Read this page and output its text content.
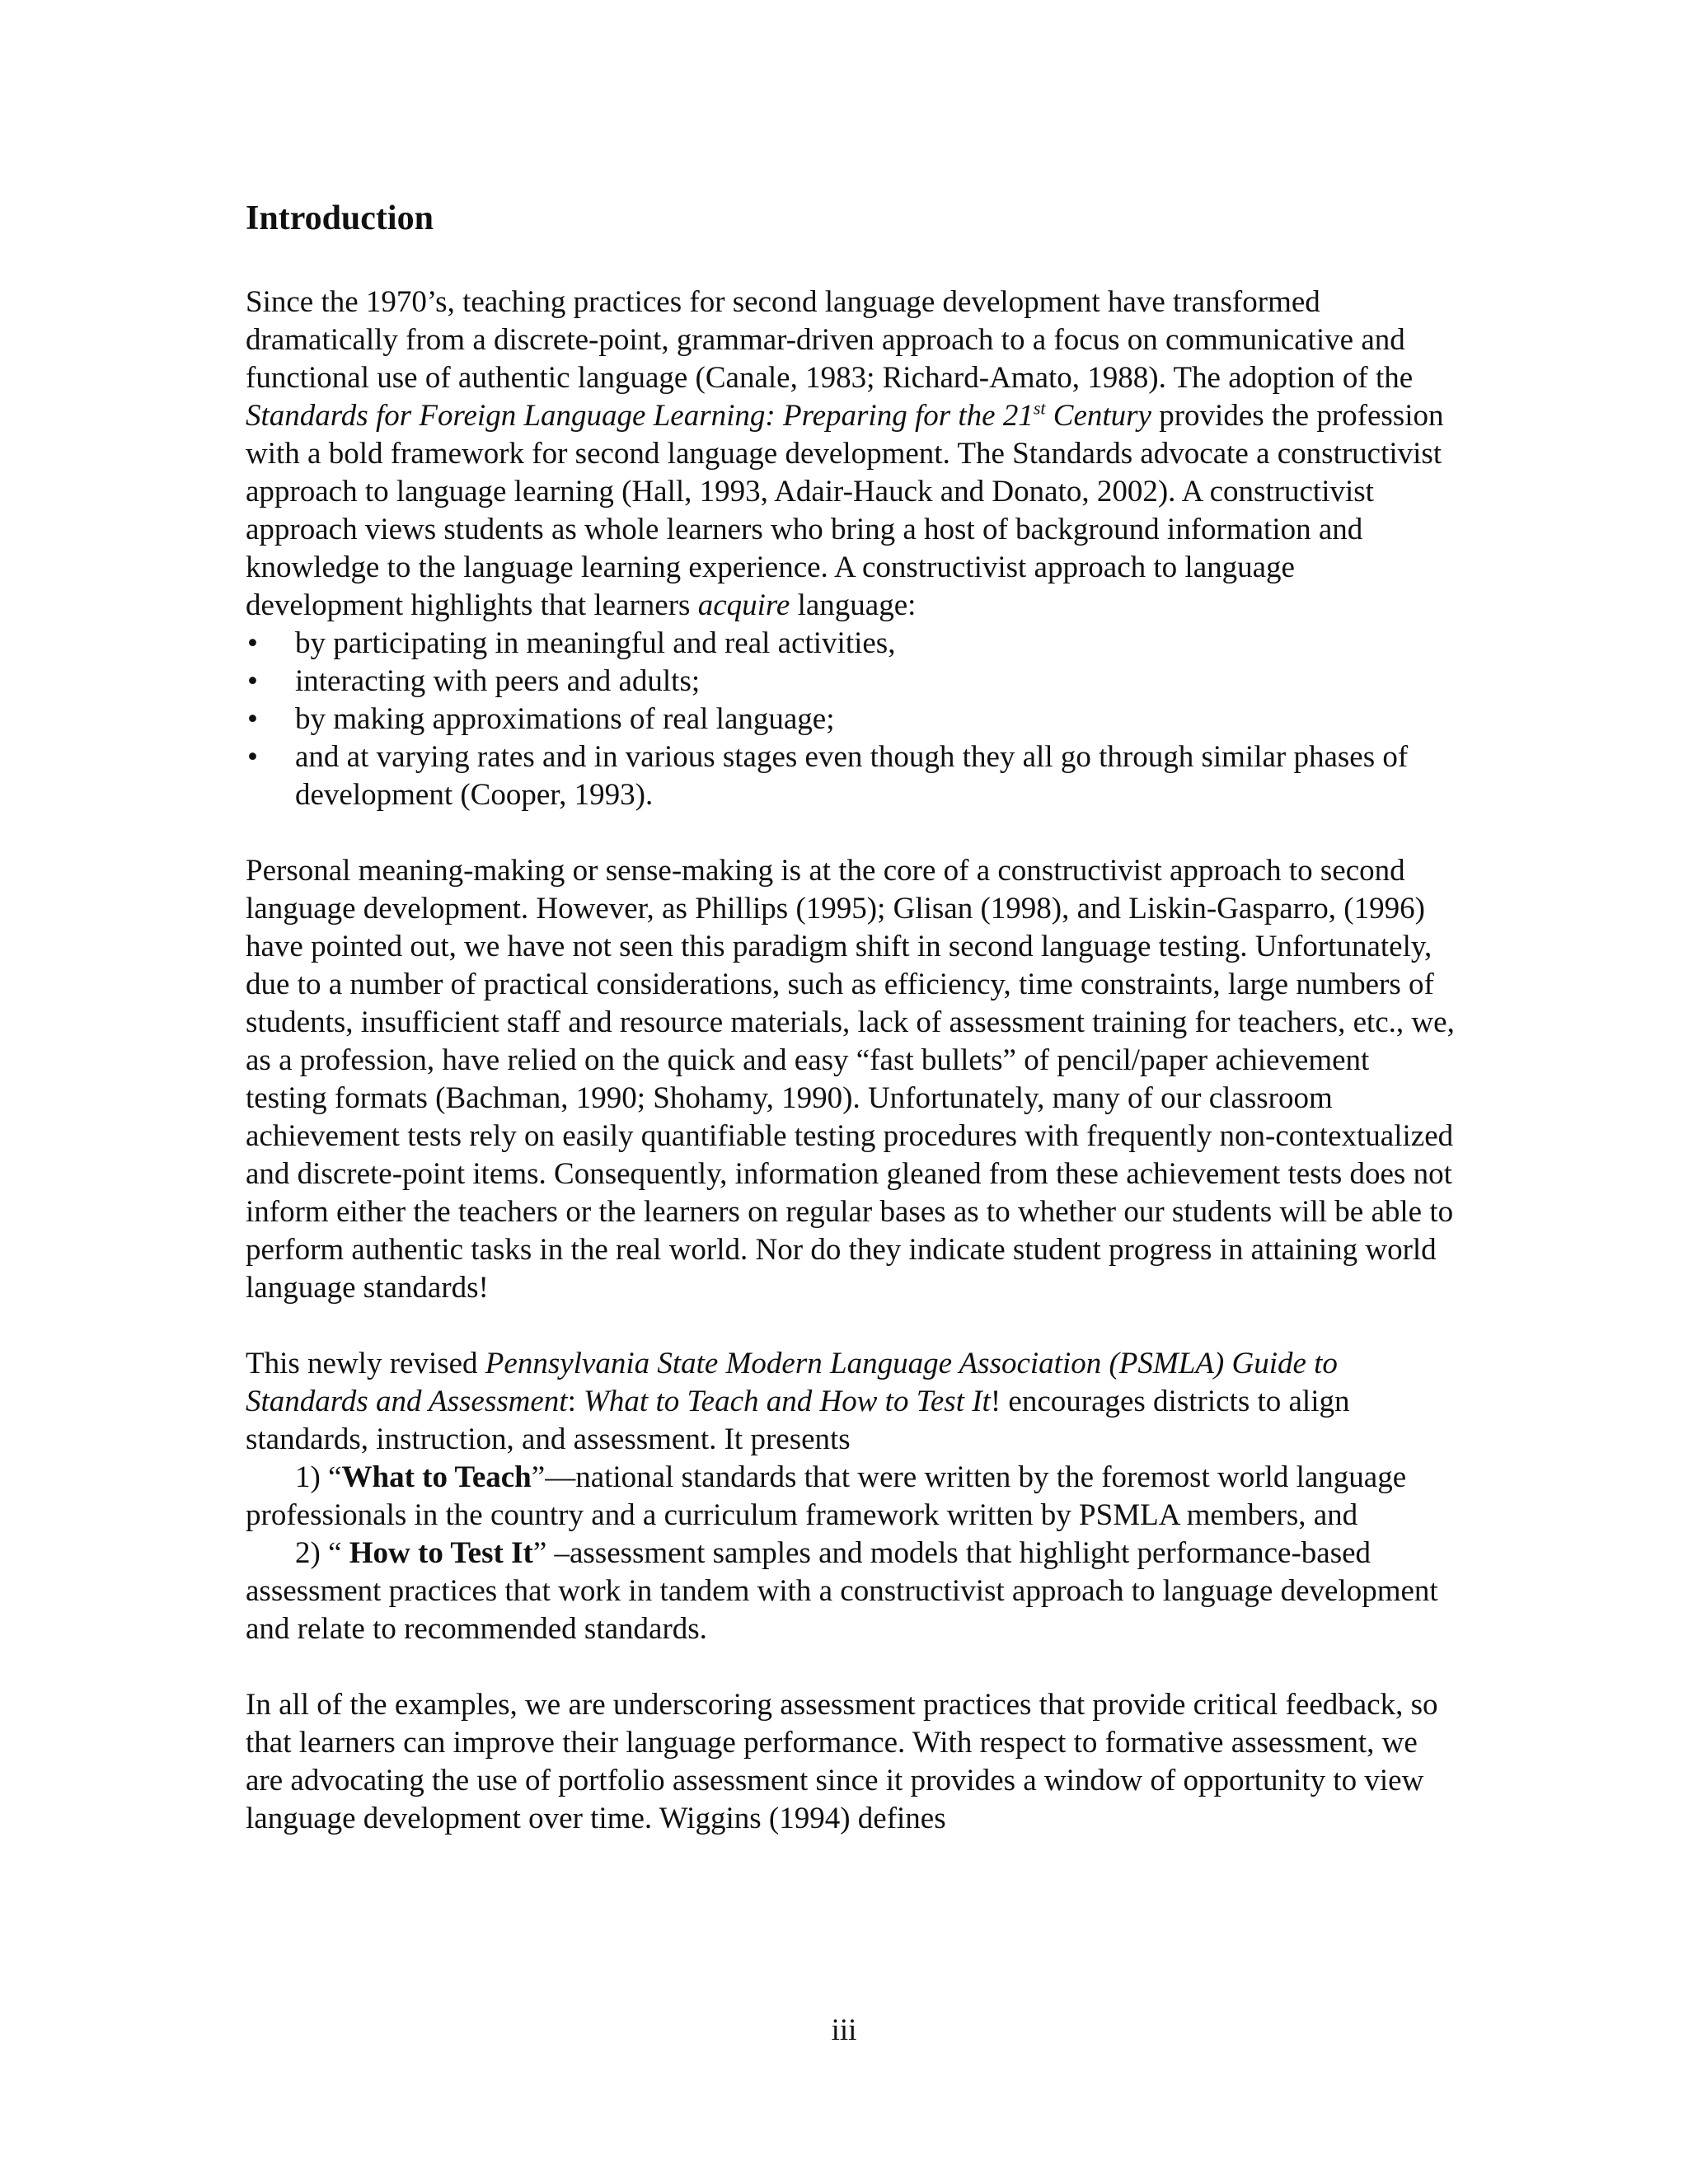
Introduction

Since the 1970’s, teaching practices for second language development have transformed dramatically from a discrete-point, grammar-driven approach to a focus on communicative and functional use of authentic language (Canale, 1983; Richard-Amato, 1988). The adoption of the Standards for Foreign Language Learning: Preparing for the 21st Century provides the profession with a bold framework for second language development. The Standards advocate a constructivist approach to language learning (Hall, 1993, Adair-Hauck and Donato, 2002). A constructivist approach views students as whole learners who bring a host of background information and knowledge to the language learning experience. A constructivist approach to language development highlights that learners acquire language:

• by participating in meaningful and real activities,
• interacting with peers and adults;
• by making approximations of real language;
• and at varying rates and in various stages even though they all go through similar phases of development (Cooper, 1993).

Personal meaning-making or sense-making is at the core of a constructivist approach to second language development. However, as Phillips (1995); Glisan (1998), and Liskin-Gasparro, (1996) have pointed out, we have not seen this paradigm shift in second language testing. Unfortunately, due to a number of practical considerations, such as efficiency, time constraints, large numbers of students, insufficient staff and resource materials, lack of assessment training for teachers, etc., we, as a profession, have relied on the quick and easy “fast bullets” of pencil/paper achievement testing formats (Bachman, 1990; Shohamy, 1990). Unfortunately, many of our classroom achievement tests rely on easily quantifiable testing procedures with frequently non-contextualized and discrete-point items. Consequently, information gleaned from these achievement tests does not inform either the teachers or the learners on regular bases as to whether our students will be able to perform authentic tasks in the real world. Nor do they indicate student progress in attaining world language standards!

This newly revised Pennsylvania State Modern Language Association (PSMLA) Guide to Standards and Assessment: What to Teach and How to Test It! encourages districts to align standards, instruction, and assessment. It presents

1) “What to Teach”—national standards that were written by the foremost world language professionals in the country and a curriculum framework written by PSMLA members, and

2) “ How to Test It” –assessment samples and models that highlight performance-based assessment practices that work in tandem with a constructivist approach to language development and relate to recommended standards.

In all of the examples, we are underscoring assessment practices that provide critical feedback, so that learners can improve their language performance. With respect to formative assessment, we are advocating the use of portfolio assessment since it provides a window of opportunity to view language development over time. Wiggins (1994) defines

iii
